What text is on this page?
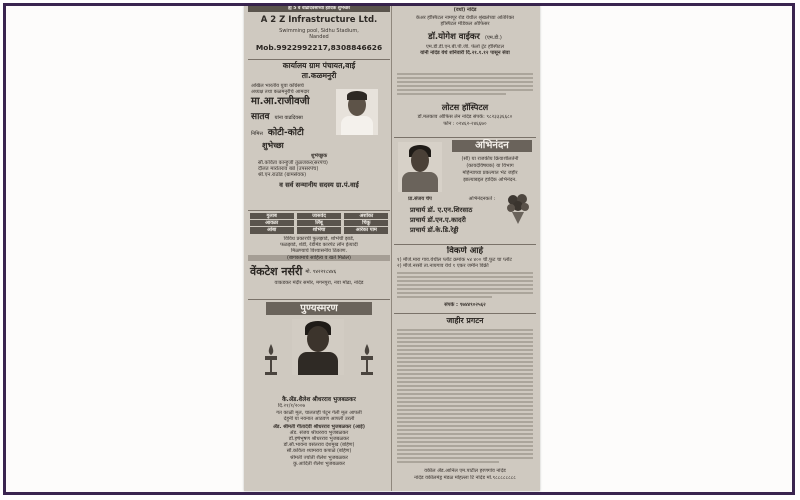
ह्य 5 वे वाढदिवसाच्या हार्दिक शुभेच्छा
A 2 Z Infrastructure Ltd.
Swimming pool, Sidhu Stadium,
Nanded
Mob.9922992217,8308846626
कार्यालय ग्राम पंचायत,वाई
ता.कळमनुरी
अखिल भारतीय युवा काँग्रेसचे
अध्यक्ष तथा कळमनुरीचे आमदार
मा.आ.राजीवजी
सातव यांना वाढदिवसा
निमित्त कोटी-कोटी
शुभेच्छा
शुभेच्छुक
सौ.कविता कान्हुजी तुळजकर(सरपंच)
दौलत मारोतराव बन्ने (उपसरपंच)
श्री.एन.राठोड (ग्रामसेवक)
व सर्व सन्मानीय सदस्य ग्रा.पं.वाई
गुलाब	जासवंद	अशोका
आवळा	लिंबू	चिकु
आंबा	शोभेचा	आरेका पाम
विविध प्रकारची फुलझाडे, शोभेची झाडे,
फळझाडे, शेडी, रेडीमेड कारपेट लॉन ईत्यादी
मिळण्याचे विश्वासनीय ठिकाण.
(बागकामाचे साहित्य व खते मिळेल)
वेंकटेश नर्सरी मो. ९४२२१८४४६
वाकडकर मंदीर समोर, मगनपुरा, नवा मोंढा, नांदेड
पुण्यस्मरण
कै.ॲड.शैलेश श्रीधरराव भुजबळकर
दि.२१/१/२००७
गत काळी मूल, चालताही पेटून गेली मूल आपली
देहुनी या नयनात आठवण आपली उरली
ॲड. श्रीमती गीतादेवी श्रीधरराव भुजबळकर (आई)
ॲड. संजय श्रीधरराव भुजबळकर
डॉ.हर्षभूषण श्रीधरराव भुजबळकर
डॉ.सौ.भावना वसंतराव देशमुख (बहिण)
सौ.कविता श्यामराव कपाळे (बहिण)
श्रीमती ज्योती शैलेश भुजबळकर
कु.आदिती शैलेश भुजबळकर
(वर्धा) नांदेड
केअर हॉस्पिटल नामपूर रोड येथील श्रृंखलेच्या अतिरिक्त
हॉस्पिटल मेडिकल ऑफिसर
डॉ.योगेश वाईकर (एम.डी.)
एम.डी.डी.एन.बी.पी.जी. फेलो ट्रेंट हॉस्पिटल
यांनी नांदेड येथे शनिवारी दि.२१.१.१२ पासून सेवा
लोटस हॉस्पिटल
डॉ.मलकाव ऑफिस लेन नांदेड संपर्क: ९८२३३३६६८०
फोन : ०२४६२-२४६६७०
अभिनंदन
(सौ) या राजकीय क्रियाशीलतेनी
(कायदेविषयक) या विभाग
महिन्याच्या प्रकल्पात भेट जहीर
झाल्याबद्दल हार्दिक अभिनंदन.
प्रा.संजय चेप	अभिनंदनकर्ते :
प्राचार्य डॉ. ए.एन.शिरसाठ
प्राचार्य डॉ.एन.ए.कादरी
प्राचार्य डॉ.के.डि.रेड्डी
विकणे आहे
१) मौजे.मारा गाव.येथील प्लॉट क्रमांक ५४ ४०० चौ.फुट चा प्लॉट
२) मौजे.नरसी ता.नायगाव येथे १ एकर जमीन विक्री
संपर्क : ९७४४९०२५६२
जाहीर प्रगटन
वकील ॲड.आनिल एम.पाटील हरणगांव नांदेड
नांदेड वकीलमंड्र मंडळ मोहल्ला टि नांदेड मो.९८८८८८८८८
